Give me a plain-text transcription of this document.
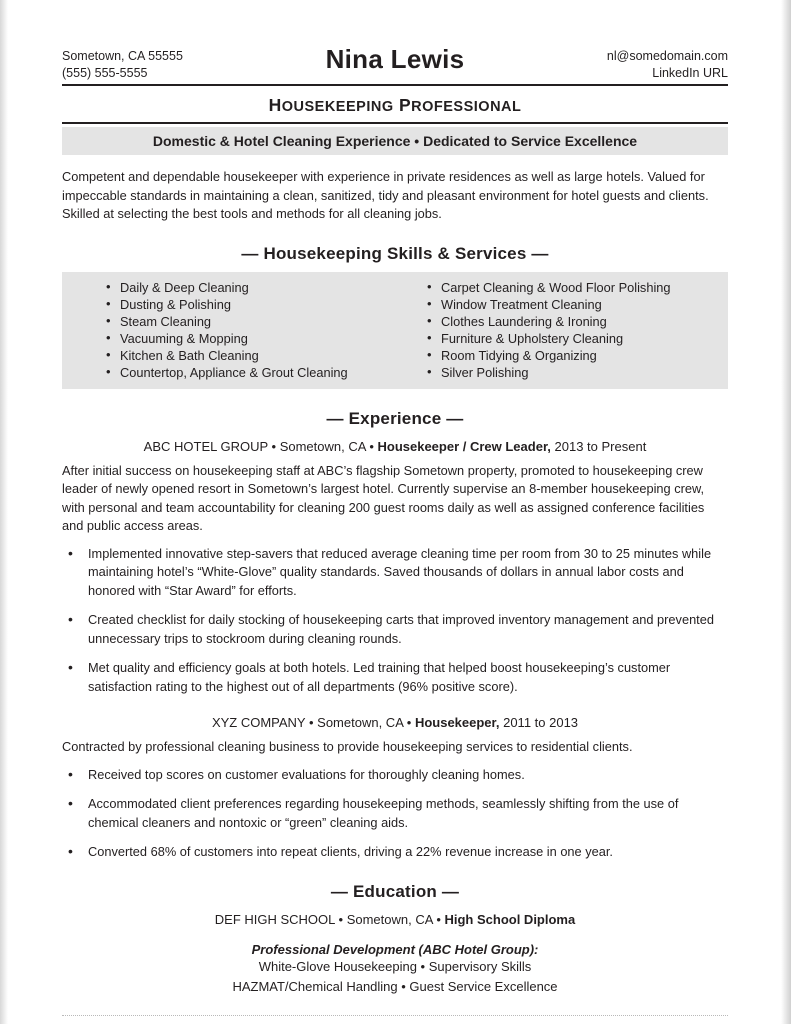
Sometown, CA 55555
(555) 555-5555	Nina Lewis	nl@somedomain.com
LinkedIn URL
HOUSEKEEPING PROFESSIONAL
Domestic & Hotel Cleaning Experience • Dedicated to Service Excellence
Competent and dependable housekeeper with experience in private residences as well as large hotels. Valued for impeccable standards in maintaining a clean, sanitized, tidy and pleasant environment for hotel guests and clients. Skilled at selecting the best tools and methods for all cleaning jobs.
— Housekeeping Skills & Services —
• Daily & Deep Cleaning
• Dusting & Polishing
• Steam Cleaning
• Vacuuming & Mopping
• Kitchen & Bath Cleaning
• Countertop, Appliance & Grout Cleaning
• Carpet Cleaning & Wood Floor Polishing
• Window Treatment Cleaning
• Clothes Laundering & Ironing
• Furniture & Upholstery Cleaning
• Room Tidying & Organizing
• Silver Polishing
— Experience —
ABC HOTEL GROUP • Sometown, CA • Housekeeper / Crew Leader, 2013 to Present
After initial success on housekeeping staff at ABC’s flagship Sometown property, promoted to housekeeping crew leader of newly opened resort in Sometown’s largest hotel. Currently supervise an 8-member housekeeping crew, with personal and team accountability for cleaning 200 guest rooms daily as well as assigned conference facilities and public access areas.
• Implemented innovative step-savers that reduced average cleaning time per room from 30 to 25 minutes while maintaining hotel’s “White-Glove” quality standards. Saved thousands of dollars in annual labor costs and honored with “Star Award” for efforts.
• Created checklist for daily stocking of housekeeping carts that improved inventory management and prevented unnecessary trips to stockroom during cleaning rounds.
• Met quality and efficiency goals at both hotels. Led training that helped boost housekeeping’s customer satisfaction rating to the highest out of all departments (96% positive score).
XYZ COMPANY • Sometown, CA • Housekeeper, 2011 to 2013
Contracted by professional cleaning business to provide housekeeping services to residential clients.
• Received top scores on customer evaluations for thoroughly cleaning homes.
• Accommodated client preferences regarding housekeeping methods, seamlessly shifting from the use of chemical cleaners and nontoxic or “green” cleaning aids.
• Converted 68% of customers into repeat clients, driving a 22% revenue increase in one year.
— Education —
DEF HIGH SCHOOL • Sometown, CA • High School Diploma
Professional Development (ABC Hotel Group):
White-Glove Housekeeping • Supervisory Skills
HAZMAT/Chemical Handling • Guest Service Excellence
